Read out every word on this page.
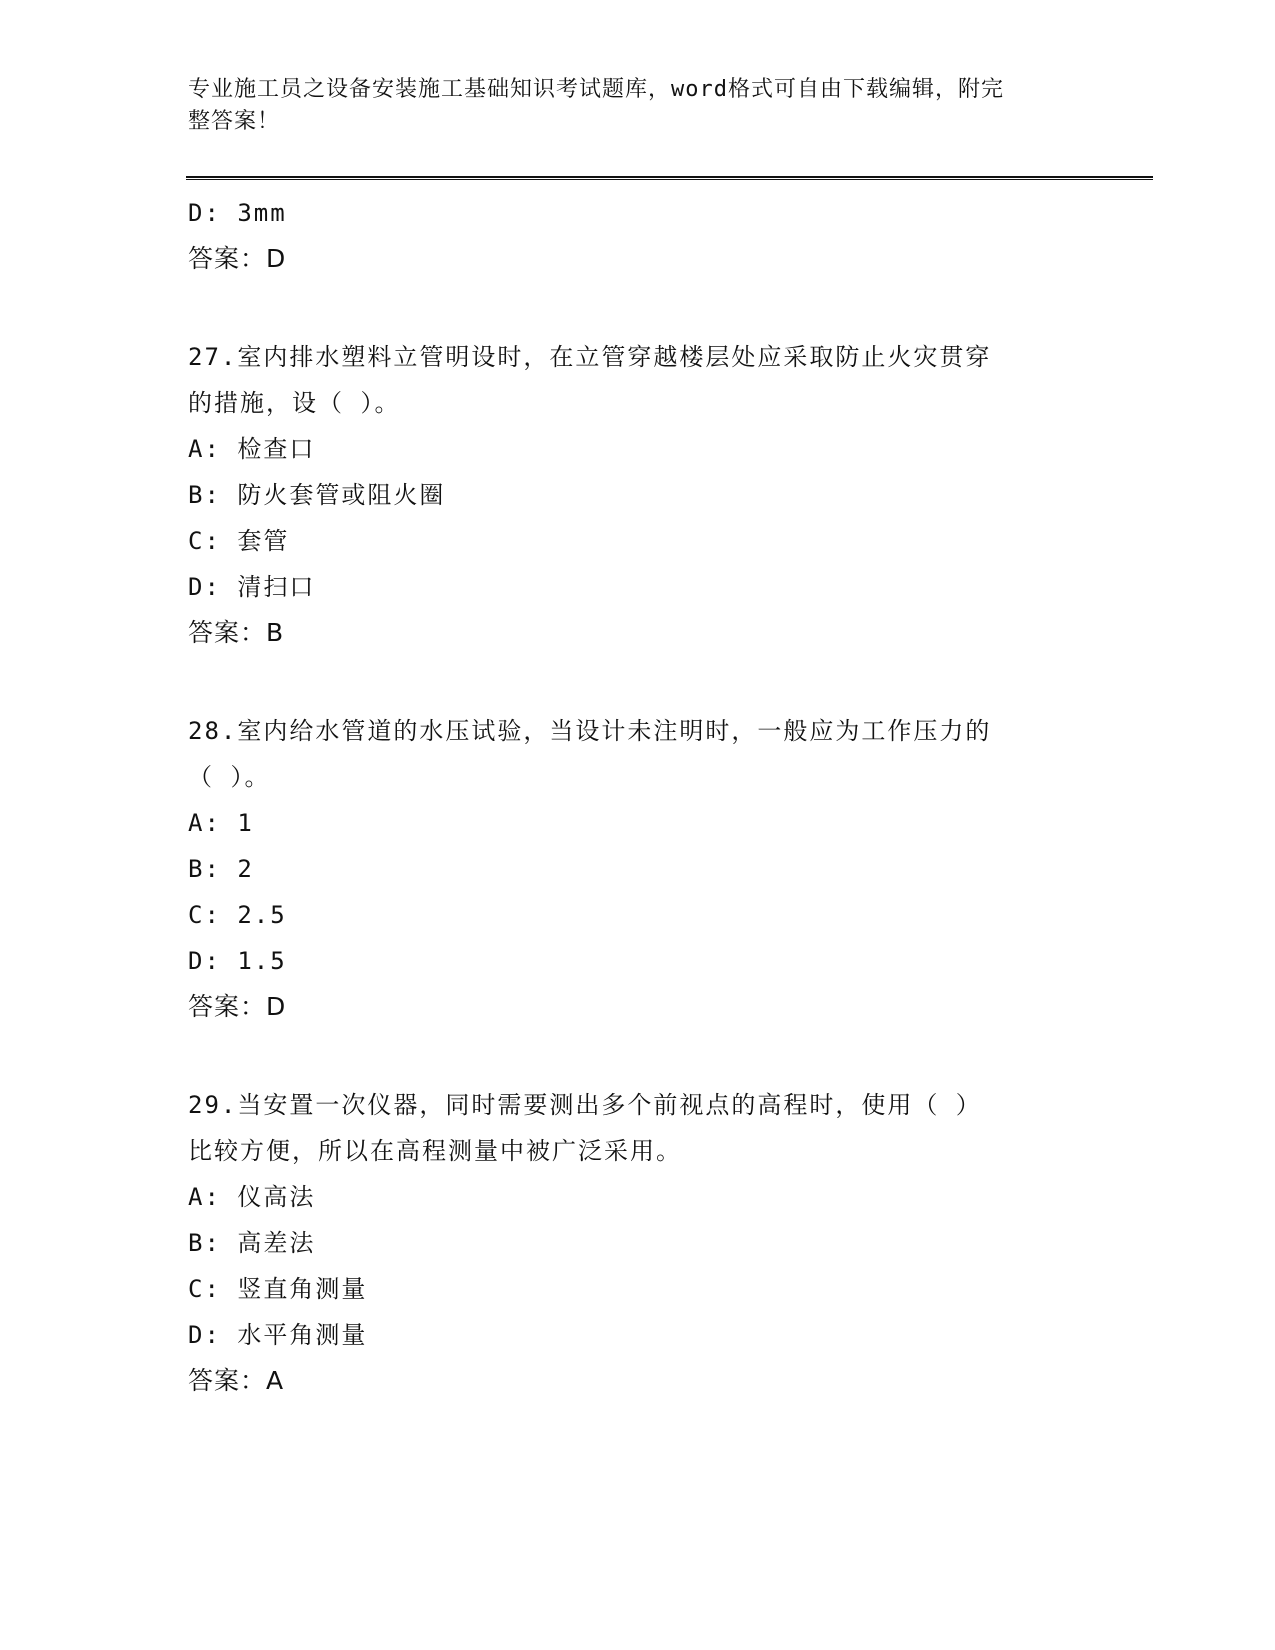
专业施工员之设备安装施工基础知识考试题库，word格式可自由下载编辑，附完
整答案！
D: 3mm
答案：D
27.室内排水塑料立管明设时，在立管穿越楼层处应采取防止火灾贯穿
的措施，设（ ）。
A: 检查口
B: 防火套管或阻火圈
C: 套管
D: 清扫口
答案：B
28.室内给水管道的水压试验，当设计未注明时，一般应为工作压力的
（ ）。
A: 1
B: 2
C: 2.5
D: 1.5
答案：D
29.当安置一次仪器，同时需要测出多个前视点的高程时，使用（ ）
比较方便，所以在高程测量中被广泛采用。
A: 仪高法
B: 高差法
C: 竖直角测量
D: 水平角测量
答案：A
